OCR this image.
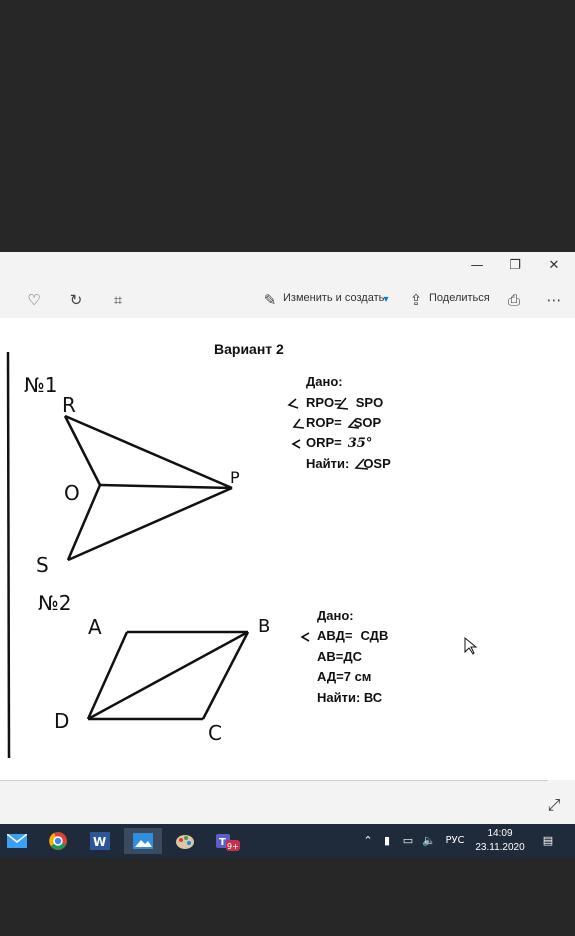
—	❐	✕
♡ ↻	⌗	✎ Изменить и создать ▾	⇪ Поделиться ⎙ ⋯
⤢
№1
R
O
P
S
№2
A	B
C
D
Вариант 2
Дано:
RPO= SPO
ROP= SOP
ORP= 35°
Найти: OSP
Дано:
АВД= СДВ
АВ=ДС
АД=7 см
Найти: ВС
W	T 9+	⌃	▮	▭ 🔈 РУС
14:09
23.11.2020
▤
